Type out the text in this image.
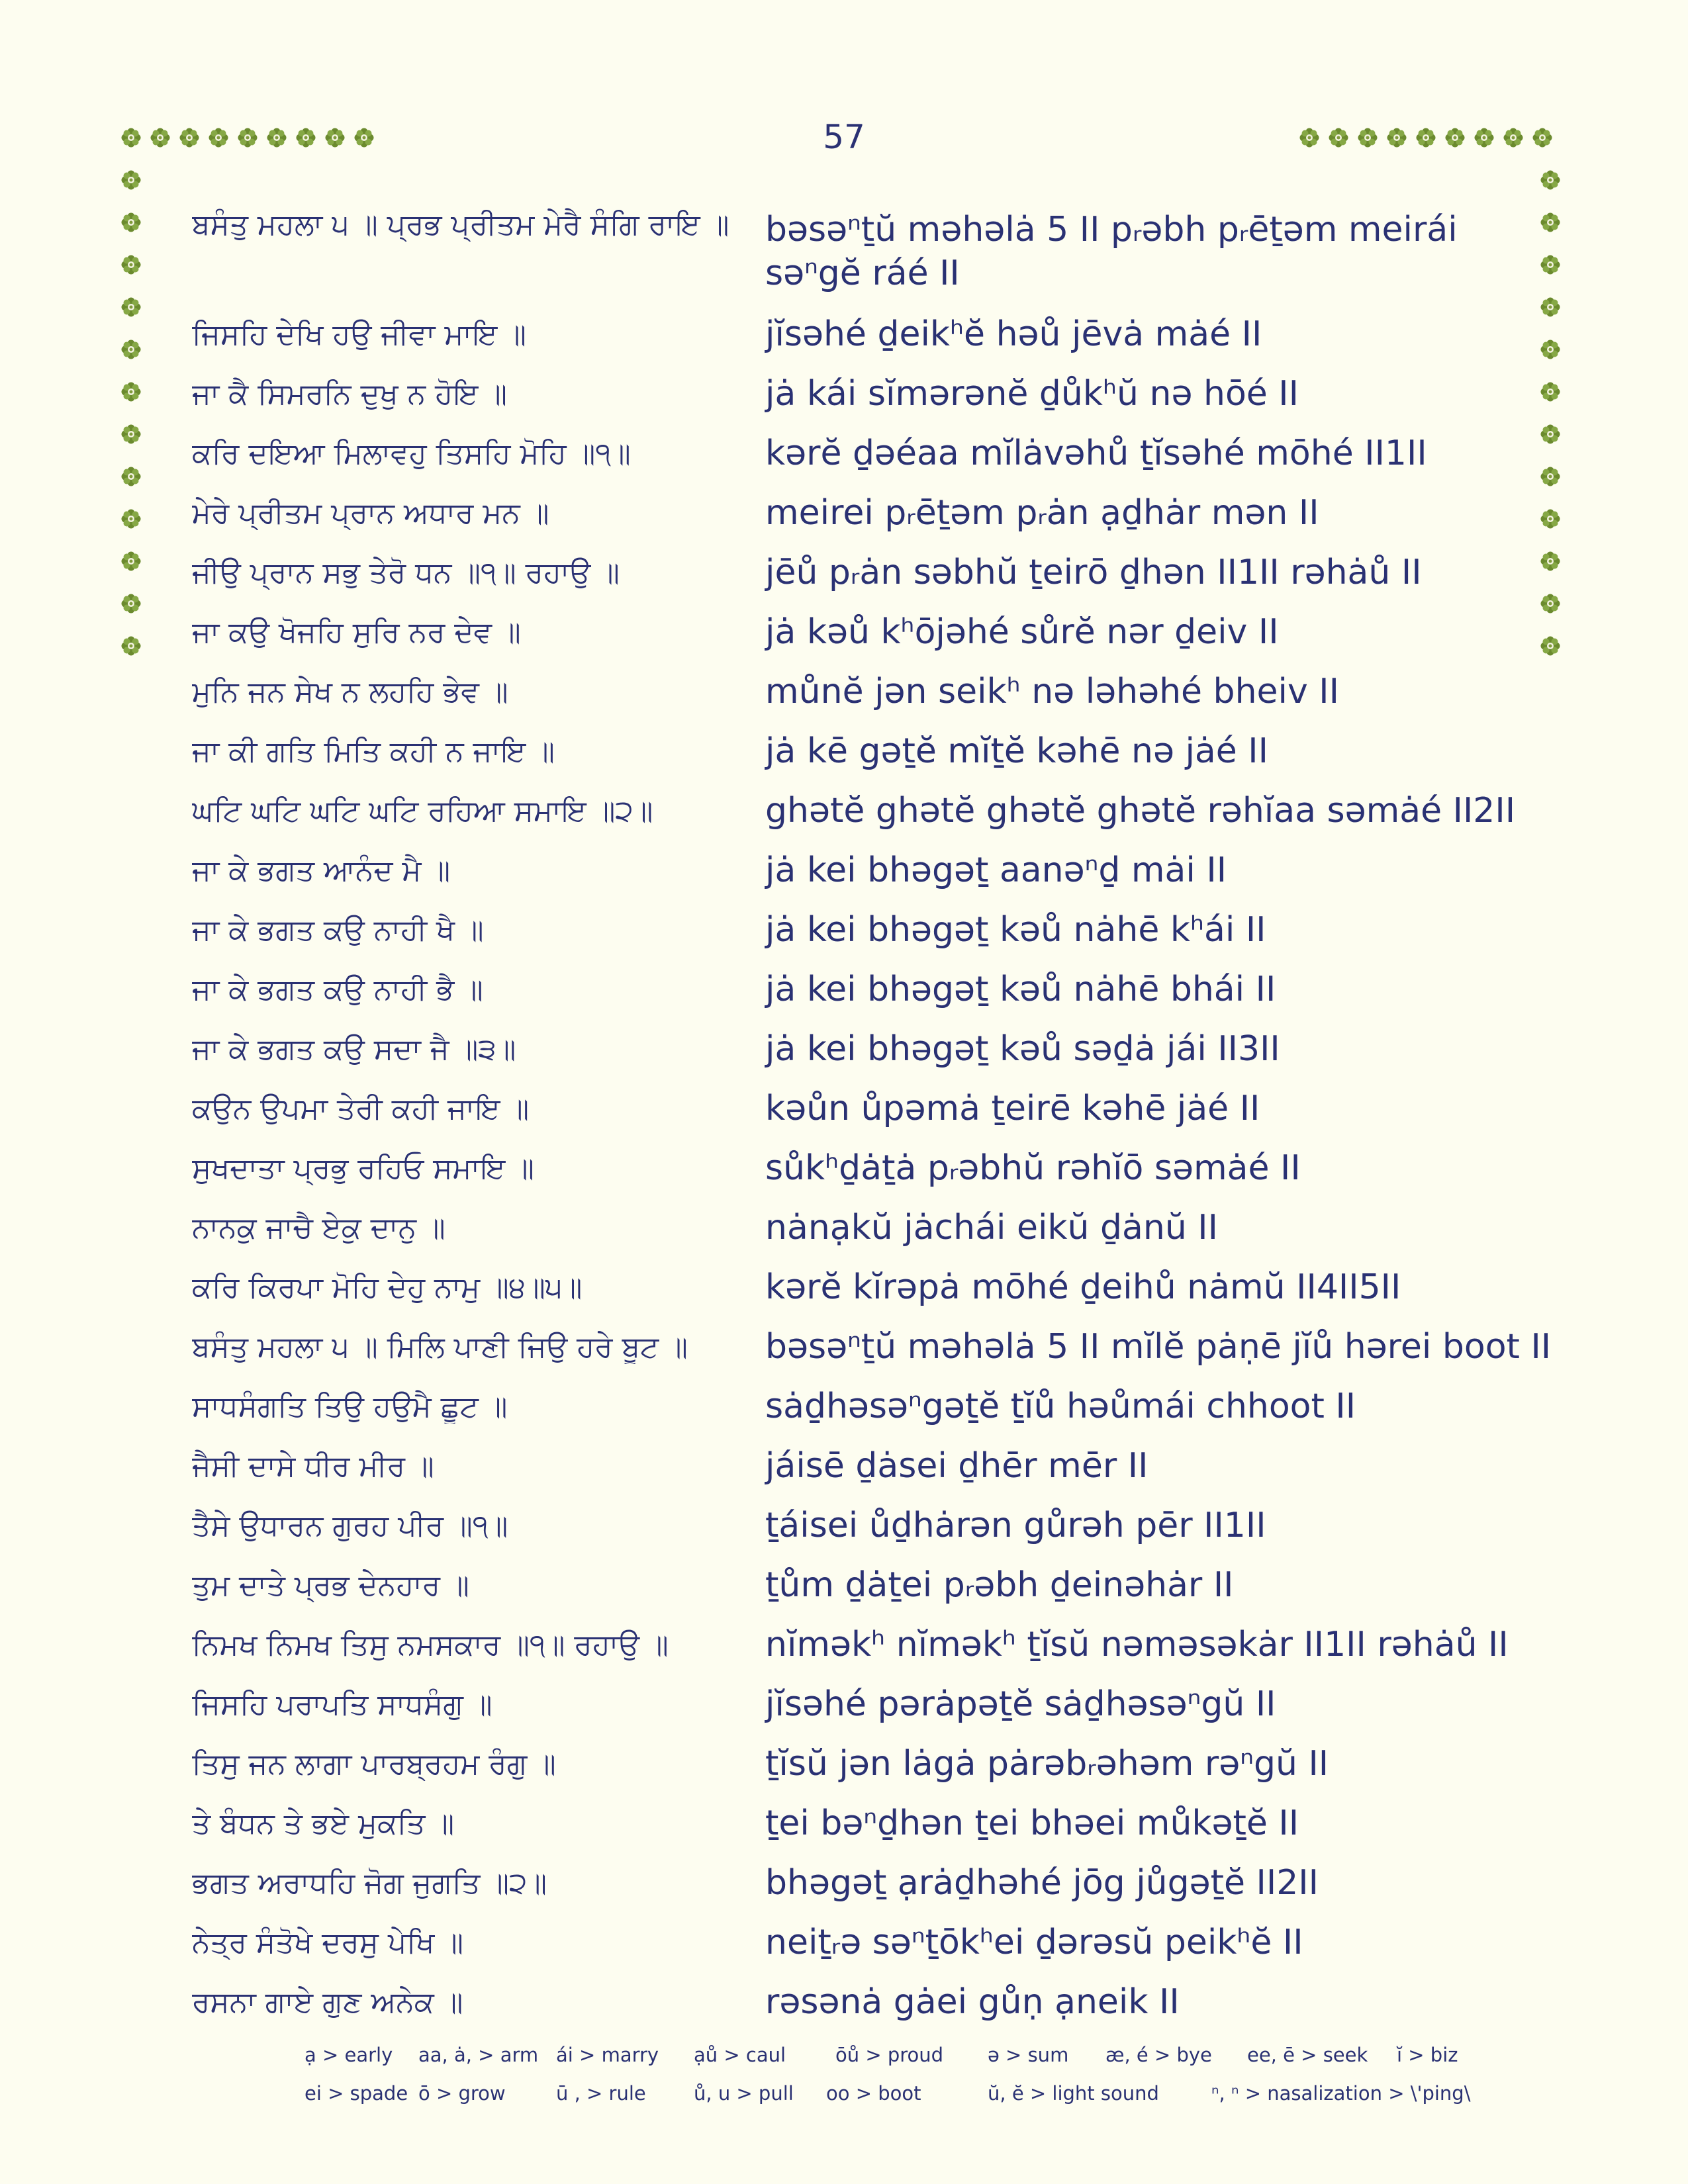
57
ਬਸੰਤੁ ਮਹਲਾ ੫ ॥ ਪ੍ਰਭ ਪ੍ਰੀਤਮ ਮੇਰੈ ਸੰਗਿ ਰਾਇ ॥	bəsəⁿṯŭ məhəlȧ 5 II pᵣəbh pᵣēṯəm meirái səⁿgĕ ráé II
ਜਿਸਹਿ ਦੇਖਿ ਹਉ ਜੀਵਾ ਮਾਇ ॥	jĭsəhé ḏeikʰĕ həů jēvȧ mȧé II
ਜਾ ਕੈ ਸਿਮਰਨਿ ਦੁਖੁ ਨ ਹੋਇ ॥	jȧ kái sĭmərənĕ ḏůkʰŭ nə hōé II
ਕਰਿ ਦਇਆ ਮਿਲਾਵਹੁ ਤਿਸਹਿ ਮੋਹਿ ॥੧॥	kərĕ ḏəéaa mĭlȧvəhů ṯĭsəhé mōhé II1II
ਮੇਰੇ ਪ੍ਰੀਤਮ ਪ੍ਰਾਨ ਅਧਾਰ ਮਨ ॥	meirei pᵣēṯəm pᵣȧn ạḏhȧr mən II
ਜੀਉ ਪ੍ਰਾਨ ਸਭੁ ਤੇਰੋ ਧਨ ॥੧॥ ਰਹਾਉ ॥	jēů pᵣȧn səbhŭ ṯeirō ḏhən II1II rəhȧů II
ਜਾ ਕਉ ਖੋਜਹਿ ਸੁਰਿ ਨਰ ਦੇਵ ॥	jȧ kəů kʰōjəhé sůrĕ nər ḏeiv II
ਮੁਨਿ ਜਨ ਸੇਖ ਨ ਲਹਹਿ ਭੇਵ ॥	můnĕ jən seikʰ nə ləhəhé bheiv II
ਜਾ ਕੀ ਗਤਿ ਮਿਤਿ ਕਹੀ ਨ ਜਾਇ ॥	jȧ kē gəṯĕ mĭṯĕ kəhē nə jȧé II
ਘਟਿ ਘਟਿ ਘਟਿ ਘਟਿ ਰਹਿਆ ਸਮਾਇ ॥੨॥	ghətĕ ghətĕ ghətĕ ghətĕ rəhĭaa səmȧé II2II
ਜਾ ਕੇ ਭਗਤ ਆਨੰਦ ਮੈ ॥	jȧ kei bhəgəṯ aanəⁿḏ mȧi II
ਜਾ ਕੇ ਭਗਤ ਕਉ ਨਾਹੀ ਖੈ ॥	jȧ kei bhəgəṯ kəů nȧhē kʰái II
ਜਾ ਕੇ ਭਗਤ ਕਉ ਨਾਹੀ ਭੈ ॥	jȧ kei bhəgəṯ kəů nȧhē bhái II
ਜਾ ਕੇ ਭਗਤ ਕਉ ਸਦਾ ਜੈ ॥੩॥	jȧ kei bhəgəṯ kəů səḏȧ jái II3II
ਕਉਨ ਉਪਮਾ ਤੇਰੀ ਕਹੀ ਜਾਇ ॥	kəůn ůpəmȧ ṯeirē kəhē jȧé II
ਸੁਖਦਾਤਾ ਪ੍ਰਭੁ ਰਹਿਓ ਸਮਾਇ ॥	sůkʰḏȧṯȧ pᵣəbhŭ rəhĭō səmȧé II
ਨਾਨਕੁ ਜਾਚੈ ਏਕੁ ਦਾਨੁ ॥	nȧnạkŭ jȧchái eikŭ ḏȧnŭ II
ਕਰਿ ਕਿਰਪਾ ਮੋਹਿ ਦੇਹੁ ਨਾਮੁ ॥੪॥੫॥	kərĕ kĭrəpȧ mōhé ḏeihů nȧmŭ II4II5II
ਬਸੰਤੁ ਮਹਲਾ ੫ ॥ ਮਿਲਿ ਪਾਣੀ ਜਿਉ ਹਰੇ ਬੂਟ ॥	bəsəⁿṯŭ məhəlȧ 5 II mĭlĕ pȧṇē jĭů hərei boot II
ਸਾਧਸੰਗਤਿ ਤਿਉ ਹਉਮੈ ਛੂਟ ॥	sȧḏhəsəⁿgəṯĕ ṯĭů həůmái chhoot II
ਜੈਸੀ ਦਾਸੇ ਧੀਰ ਮੀਰ ॥	jáisē ḏȧsei ḏhēr mēr II
ਤੈਸੇ ਉਧਾਰਨ ਗੁਰਹ ਪੀਰ ॥੧॥	ṯáisei ůḏhȧrən gůrəh pēr II1II
ਤੁਮ ਦਾਤੇ ਪ੍ਰਭ ਦੇਨਹਾਰ ॥	ṯům ḏȧṯei pᵣəbh ḏeinəhȧr II
ਨਿਮਖ ਨਿਮਖ ਤਿਸੁ ਨਮਸਕਾਰ ॥੧॥ ਰਹਾਉ ॥	nĭməkʰ nĭməkʰ ṯĭsŭ nəməsəkȧr II1II rəhȧů II
ਜਿਸਹਿ ਪਰਾਪਤਿ ਸਾਧਸੰਗੁ ॥	jĭsəhé pərȧpəṯĕ sȧḏhəsəⁿgŭ II
ਤਿਸੁ ਜਨ ਲਾਗਾ ਪਾਰਬ੍ਰਹਮ ਰੰਗੁ ॥	ṯĭsŭ jən lȧgȧ pȧrəbᵣəhəm rəⁿgŭ II
ਤੇ ਬੰਧਨ ਤੇ ਭਏ ਮੁਕਤਿ ॥	ṯei bəⁿḏhən ṯei bhəei můkəṯĕ II
ਭਗਤ ਅਰਾਧਹਿ ਜੋਗ ਜੁਗਤਿ ॥੨॥	bhəgəṯ ạrȧḏhəhé jōg jůgəṯĕ II2II
ਨੇਤ੍ਰ ਸੰਤੋਖੇ ਦਰਸੁ ਪੇਖਿ ॥	neiṯᵣə səⁿṯōkʰei ḏərəsŭ peikʰĕ II
ਰਸਨਾ ਗਾਏ ਗੁਣ ਅਨੇਕ ॥	rəsənȧ gȧei gůṇ ạneik II
ạ > early aa, ȧ, > arm ái > marry ạů > caul	ōů > proud ə > sum æ, é > bye ee, ē > seek ĭ > biz
ei > spade ō > grow	ū , > rule ů, u > pull oo > boot	ŭ, ĕ > light sound	ⁿ, ⁿ > nasalization > \'ping\
